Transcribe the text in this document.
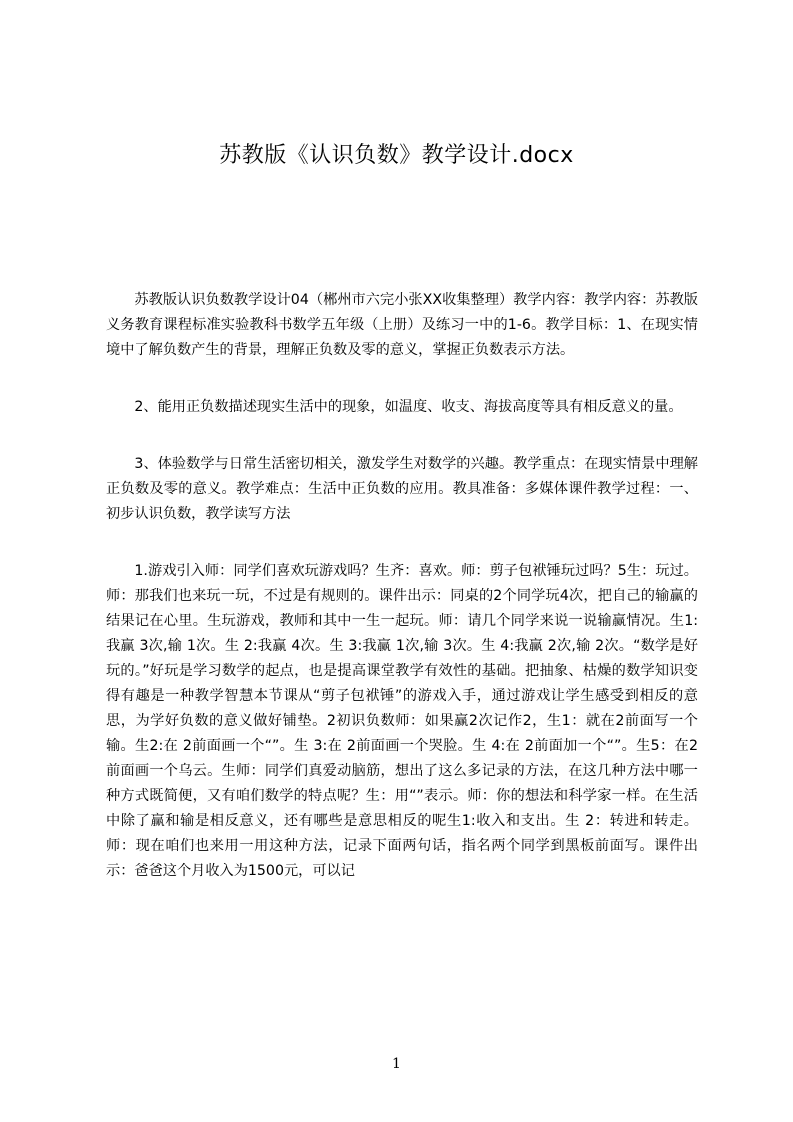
苏教版《认识负数》教学设计.docx

苏教版认识负数教学设计04（郴州市六完小张XX收集整理）教学内容：教学内容：苏教版义务教育课程标准实验教科书数学五年级（上册）及练习一中的1-6。教学目标：1、在现实情境中了解负数产生的背景，理解正负数及零的意义，掌握正负数表示方法。

2、能用正负数描述现实生活中的现象，如温度、收支、海拔高度等具有相反意义的量。

3、体验数学与日常生活密切相关，激发学生对数学的兴趣。教学重点：在现实情景中理解正负数及零的意义。教学难点：生活中正负数的应用。教具准备：多媒体课件教学过程：一、初步认识负数，教学读写方法

1.游戏引入师：同学们喜欢玩游戏吗？生齐：喜欢。师：剪子包袱锤玩过吗？5生：玩过。师：那我们也来玩一玩，不过是有规则的。课件出示：同桌的2个同学玩4次，把自己的输赢的结果记在心里。生玩游戏，教师和其中一生一起玩。师：请几个同学来说一说输赢情况。生1:我赢 3次,输 1次。生 2:我赢 4次。生 3:我赢 1次,输 3次。生 4:我赢 2次,输 2次。“数学是好玩的。”好玩是学习数学的起点，也是提高课堂教学有效性的基础。把抽象、枯燥的数学知识变得有趣是一种教学智慧本节课从“剪子包袱锤”的游戏入手，通过游戏让学生感受到相反的意思，为学好负数的意义做好铺垫。2初识负数师：如果赢2次记作2，生1：就在2前面写一个输。生2:在 2前面画一个“”。生 3:在 2前面画一个哭脸。生 4:在 2前面加一个“”。生5：在2前面画一个乌云。生师：同学们真爱动脑筋，想出了这么多记录的方法，在这几种方法中哪一种方式既简便，又有咱们数学的特点呢？生：用“”表示。师：你的想法和科学家一样。在生活中除了赢和输是相反意义，还有哪些是意思相反的呢生1:收入和支出。生 2：转进和转走。师：现在咱们也来用一用这种方法，记录下面两句话，指名两个同学到黑板前面写。课件出示：爸爸这个月收入为1500元，可以记

1
